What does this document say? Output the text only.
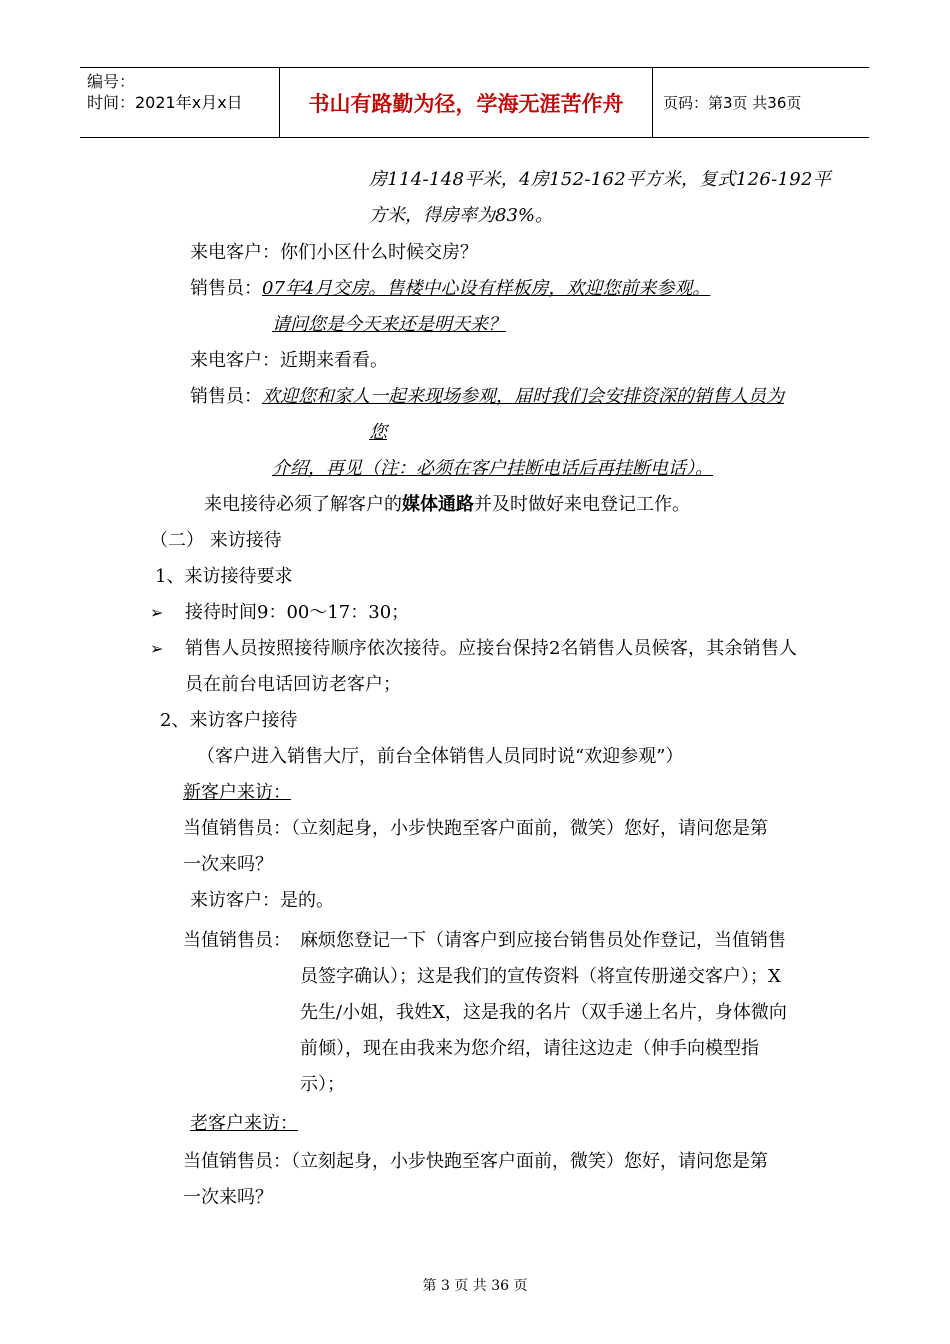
编号：
时间：2021年x月x日	书山有路勤为径，学海无涯苦作舟	页码：第3页 共36页
房114-148平米，4房152-162平方米，复式126-192平
方米，得房率为83%。
来电客户：你们小区什么时候交房？
销售员：07年4月交房。售楼中心设有样板房，欢迎您前来参观。
请问您是今天来还是明天来？
来电客户：近期来看看。
销售员：欢迎您和家人一起来现场参观，届时我们会安排资深的销售人员为
您
介绍，再见（注：必须在客户挂断电话后再挂断电话）。
来电接待必须了解客户的媒体通路并及时做好来电登记工作。
（二） 来访接待
1、来访接待要求
➢ 接待时间9：00～17：30；
➢ 销售人员按照接待顺序依次接待。应接台保持2名销售人员候客，其余销售人
员在前台电话回访老客户；
2、来访客户接待
（客户进入销售大厅，前台全体销售人员同时说“欢迎参观”）
新客户来访：
当值销售员：（立刻起身，小步快跑至客户面前，微笑）您好，请问您是第
一次来吗？
来访客户：是的。
当值销售员： 麻烦您登记一下（请客户到应接台销售员处作登记，当值销售
员签字确认）；这是我们的宣传资料（将宣传册递交客户）；X
先生/小姐，我姓X，这是我的名片（双手递上名片，身体微向
前倾），现在由我来为您介绍，请往这边走（伸手向模型指
示）；
老客户来访：
当值销售员：（立刻起身，小步快跑至客户面前，微笑）您好，请问您是第
一次来吗？
第 3 页 共 36 页
